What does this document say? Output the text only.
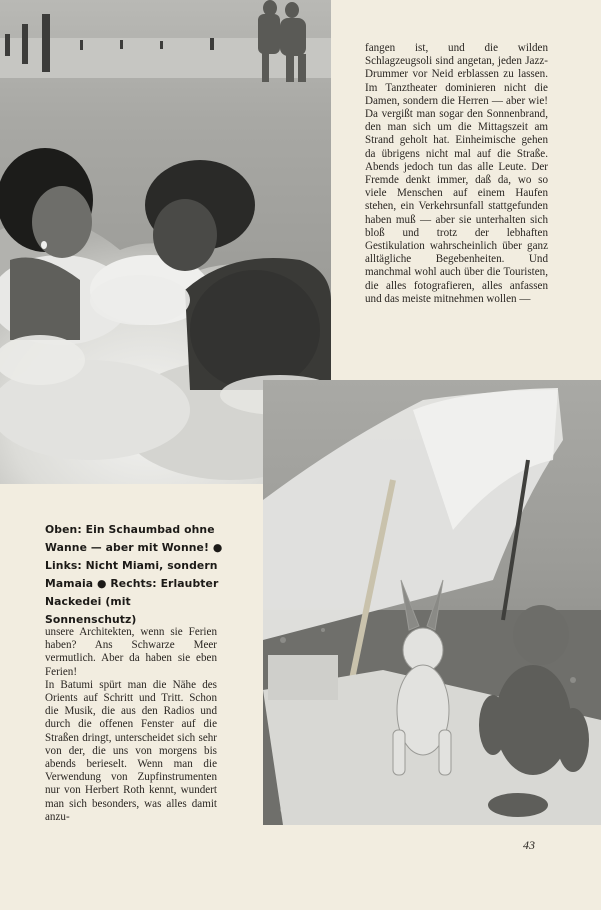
fangen ist, und die wilden Schlagzeugsoli sind angetan, jeden Jazz-Drummer vor Neid erblassen zu lassen. Im Tanztheater dominieren nicht die Damen, sondern die Herren — aber wie! Da vergißt man sogar den Sonnenbrand, den man sich um die Mittagszeit am Strand geholt hat. Einheimische gehen da übrigens nicht mal auf die Straße. Abends jedoch tun das alle Leute. Der Fremde denkt immer, daß da, wo so viele Menschen auf einem Haufen stehen, ein Verkehrsunfall stattgefunden haben muß — aber sie unterhalten sich bloß und trotz der lebhaften Gestikulation wahrscheinlich über ganz alltägliche Begebenheiten. Und manchmal wohl auch über die Touristen, die alles fotografieren, alles anfassen und das meiste mitnehmen wollen —
Oben: Ein Schaumbad ohne Wanne — aber mit Wonne! ● Links: Nicht Miami, sondern Mamaia ● Rechts: Erlaubter Nackedei (mit Sonnenschutz)

unsere Architekten, wenn sie Ferien haben? Ans Schwarze Meer vermutlich. Aber da haben sie eben Ferien!

In Batumi spürt man die Nähe des Orients auf Schritt und Tritt. Schon die Musik, die aus den Radios und durch die offenen Fenster auf die Straßen dringt, unterscheidet sich sehr von der, die uns von morgens bis abends berieselt. Wenn man die Verwendung von Zupfinstrumenten nur von Herbert Roth kennt, wundert man sich besonders, was alles damit anzu-

43
